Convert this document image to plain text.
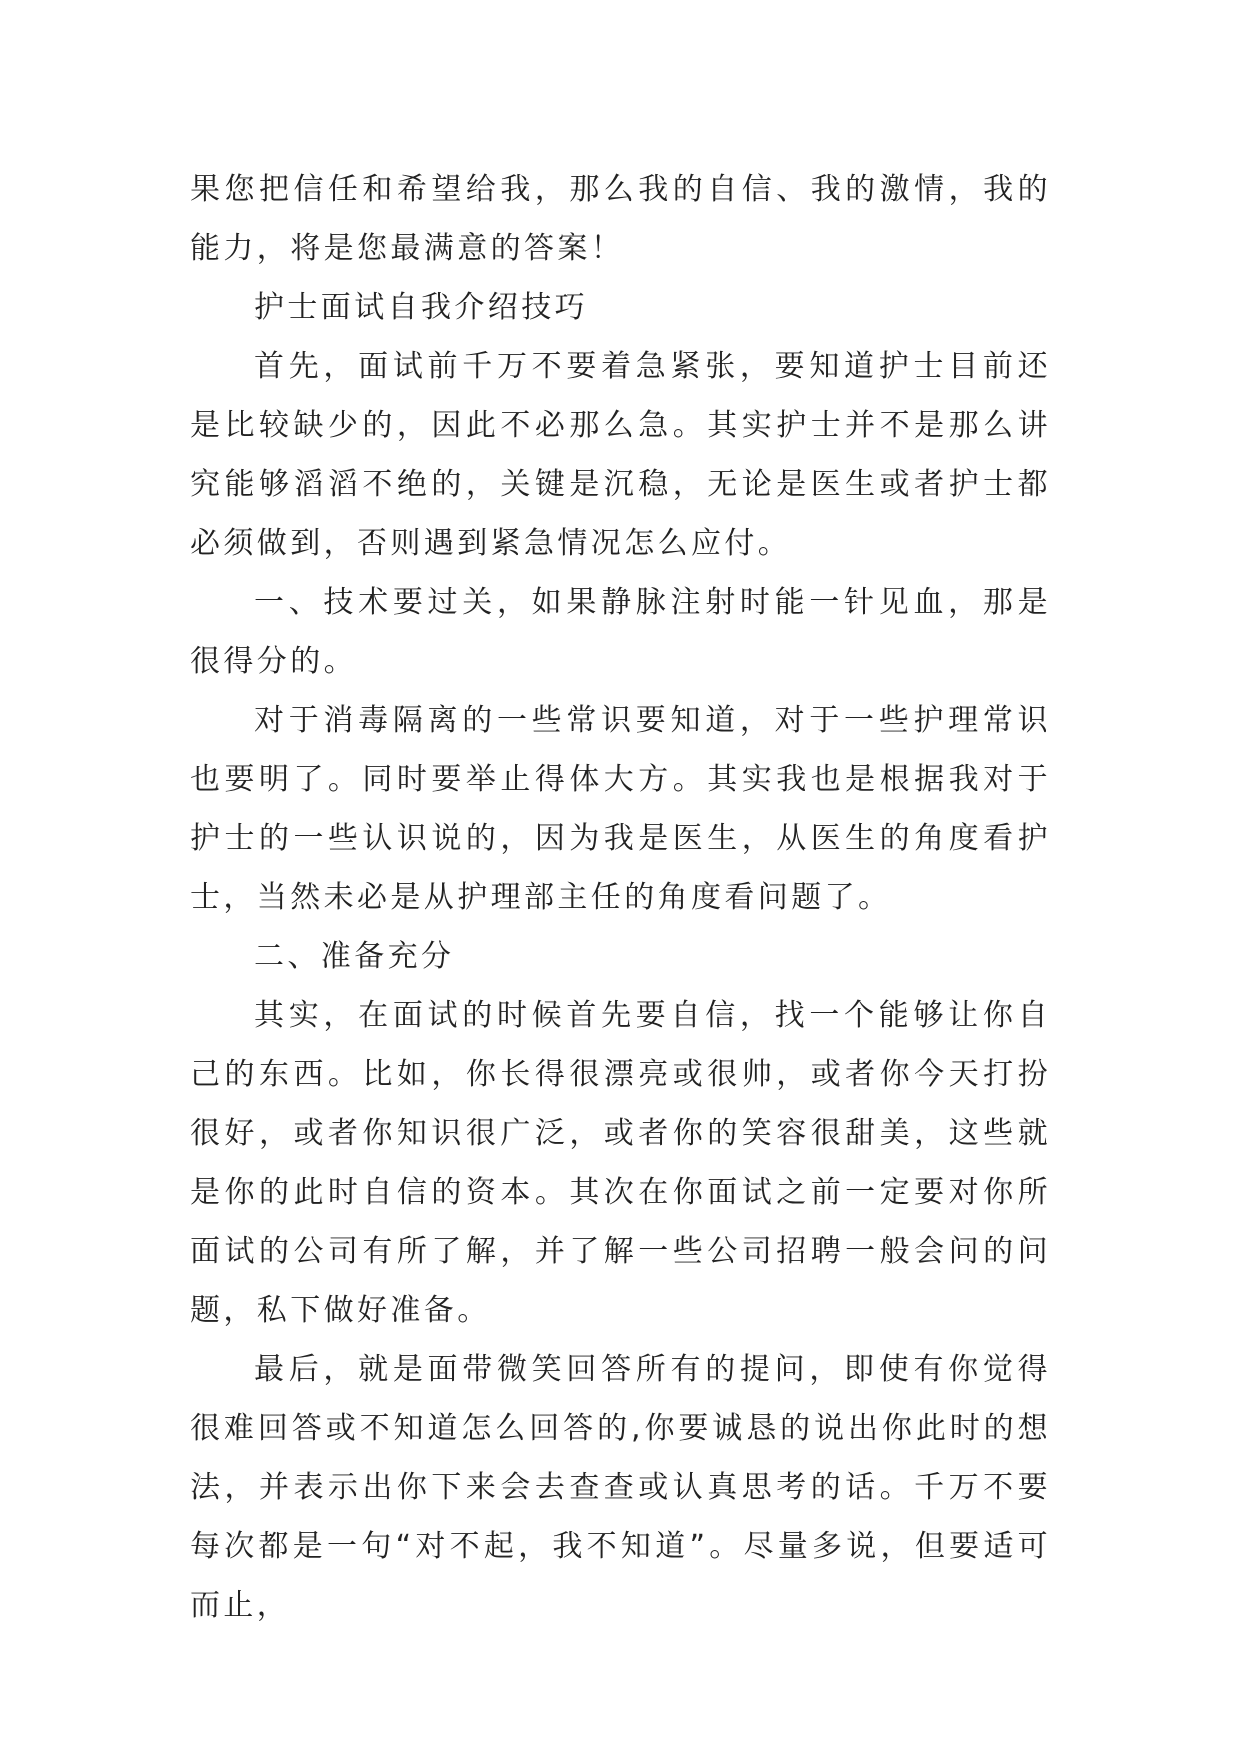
果您把信任和希望给我，那么我的自信、我的激情，我的能力，将是您最满意的答案！

护士面试自我介绍技巧

首先，面试前千万不要着急紧张，要知道护士目前还是比较缺少的，因此不必那么急。其实护士并不是那么讲究能够滔滔不绝的，关键是沉稳，无论是医生或者护士都必须做到，否则遇到紧急情况怎么应付。

一、技术要过关，如果静脉注射时能一针见血，那是很得分的。

对于消毒隔离的一些常识要知道，对于一些护理常识也要明了。同时要举止得体大方。其实我也是根据我对于护士的一些认识说的，因为我是医生，从医生的角度看护士，当然未必是从护理部主任的角度看问题了。

二、准备充分

其实，在面试的时候首先要自信，找一个能够让你自己的东西。比如，你长得很漂亮或很帅，或者你今天打扮很好，或者你知识很广泛，或者你的笑容很甜美，这些就是你的此时自信的资本。其次在你面试之前一定要对你所面试的公司有所了解，并了解一些公司招聘一般会问的问题，私下做好准备。

最后，就是面带微笑回答所有的提问，即使有你觉得很难回答或不知道怎么回答的,你要诚恳的说出你此时的想法，并表示出你下来会去查查或认真思考的话。千万不要每次都是一句“对不起，我不知道”。尽量多说，但要适可而止，
